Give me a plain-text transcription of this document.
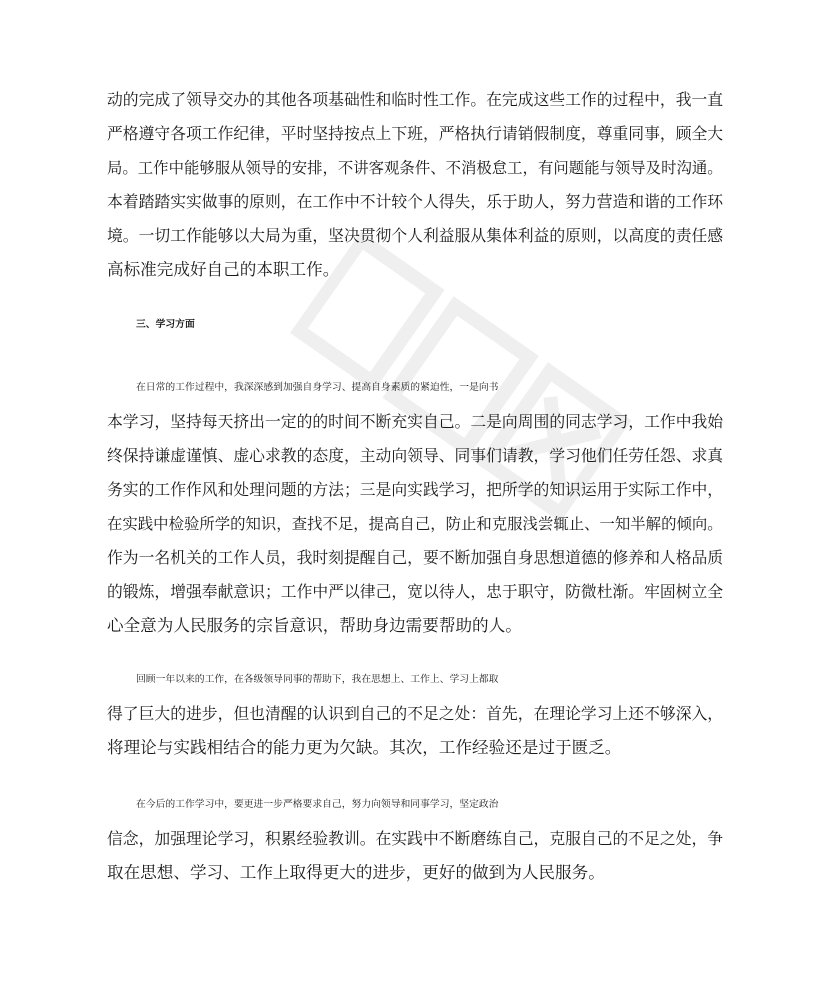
动的完成了领导交办的其他各项基础性和临时性工作。在完成这些工作的过程中，我一直
严格遵守各项工作纪律，平时坚持按点上下班，严格执行请销假制度，尊重同事，顾全大
局。工作中能够服从领导的安排，不讲客观条件、不消极怠工，有问题能与领导及时沟通。
本着踏踏实实做事的原则，在工作中不计较个人得失，乐于助人，努力营造和谐的工作环
境。一切工作能够以大局为重，坚决贯彻个人利益服从集体利益的原则，以高度的责任感
高标准完成好自己的本职工作。
三、学习方面
在日常的工作过程中，我深深感到加强自身学习、提高自身素质的紧迫性，一是向书
本学习，坚持每天挤出一定的的时间不断充实自己。二是向周围的同志学习，工作中我始
终保持谦虚谨慎、虚心求教的态度，主动向领导、同事们请教，学习他们任劳任怨、求真
务实的工作作风和处理问题的方法；三是向实践学习，把所学的知识运用于实际工作中，
在实践中检验所学的知识，查找不足，提高自己，防止和克服浅尝辄止、一知半解的倾向。
作为一名机关的工作人员，我时刻提醒自己，要不断加强自身思想道德的修养和人格品质
的锻炼，增强奉献意识；工作中严以律己，宽以待人，忠于职守，防微杜渐。牢固树立全
心全意为人民服务的宗旨意识，帮助身边需要帮助的人。
回顾一年以来的工作，在各级领导同事的帮助下，我在思想上、工作上、学习上都取
得了巨大的进步，但也清醒的认识到自己的不足之处：首先，在理论学习上还不够深入，
将理论与实践相结合的能力更为欠缺。其次，工作经验还是过于匮乏。
在今后的工作学习中，要更进一步严格要求自己，努力向领导和同事学习，坚定政治
信念，加强理论学习，积累经验教训。在实践中不断磨练自己，克服自己的不足之处，争
取在思想、学习、工作上取得更大的进步，更好的做到为人民服务。
